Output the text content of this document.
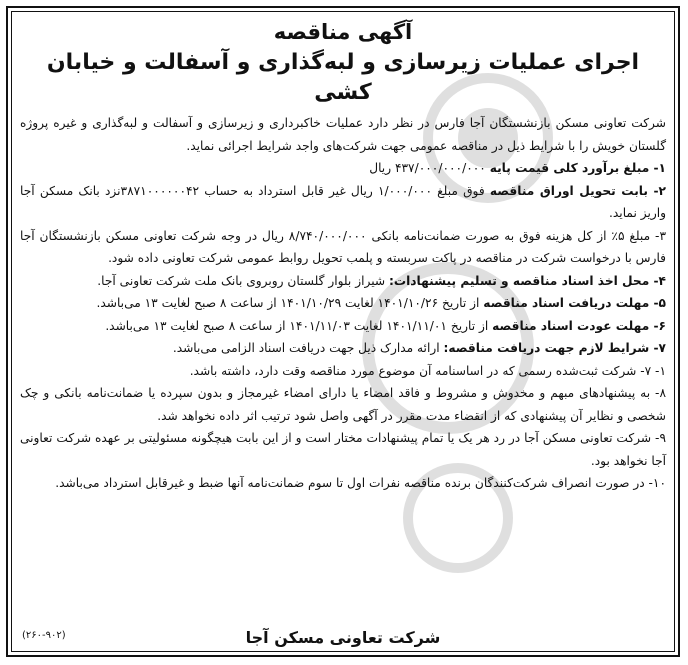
آگهی مناقصه
اجرای عملیات زیرسازی و لبه‌گذاری و آسفالت و خیابان کشی

شرکت تعاونی مسکن بازنشستگان آجا فارس در نظر دارد عملیات خاکبرداری و زیرسازی و آسفالت و لبه‌گذاری و غیره پروژه گلستان خویش را با شرایط ذیل در مناقصه عمومی جهت شرکت‌های واجد شرایط اجرائی نماید.

۱- مبلغ برآورد کلی قیمت پایه ۴۳۷/۰۰۰/۰۰۰/۰۰۰ ریال

۲- بابت تحویل اوراق مناقصه فوق مبلغ ۱/۰۰۰/۰۰۰ ریال غیر قابل استرداد به حساب ۳۸۷۱۰۰۰۰۰۰۴۲نزد بانک مسکن آجا واریز نماید.

۳- مبلغ ۵٪ از کل هزینه فوق به صورت ضمانت‌نامه بانکی ۸/۷۴۰/۰۰۰/۰۰۰ ریال در وجه شرکت تعاونی مسکن بازنشستگان آجا فارس با درخواست شرکت در مناقصه در پاکت سربسته و پلمب تحویل روابط عمومی شرکت تعاونی داده شود.

۴- محل اخذ اسناد مناقصه و تسلیم پیشنهادات: شیراز بلوار گلستان روبروی بانک ملت شرکت تعاونی آجا.

۵- مهلت دریافت اسناد مناقصه از تاریخ ۱۴۰۱/۱۰/۲۶ لغایت ۱۴۰۱/۱۰/۲۹ از ساعت ۸ صبح لغایت ۱۳ می‌باشد.

۶- مهلت عودت اسناد مناقصه از تاریخ ۱۴۰۱/۱۱/۰۱ لغایت ۱۴۰۱/۱۱/۰۳ از ساعت ۸ صبح لغایت ۱۳ می‌باشد.

۷- شرایط لازم جهت دریافت مناقصه: ارائه مدارک ذیل جهت دریافت اسناد الزامی می‌باشد.

۱- ۷- شرکت ثبت‌شده رسمی که در اساسنامه آن موضوع مورد مناقصه وقت دارد، داشته باشد.

۸- به پیشنهادهای مبهم و مخدوش و مشروط و فاقد امضاء یا دارای امضاء غیرمجاز و بدون سپرده یا ضمانت‌نامه بانکی و چک شخصی و نظایر آن پیشنهادی که از انقضاء مدت مقرر در آگهی واصل شود ترتیب اثر داده نخواهد شد.

۹- شرکت تعاونی مسکن آجا در رد هر یک یا تمام پیشنهادات مختار است و از این بابت هیچگونه مسئولیتی بر عهده شرکت تعاونی آجا نخواهد بود.

۱۰- در صورت انصراف شرکت‌کنندگان برنده مناقصه نفرات اول تا سوم ضمانت‌نامه آنها ضبط و غیرقابل استرداد می‌باشد.

شرکت تعاونی مسکن آجا
(۲۶۰-۹۰۲)
